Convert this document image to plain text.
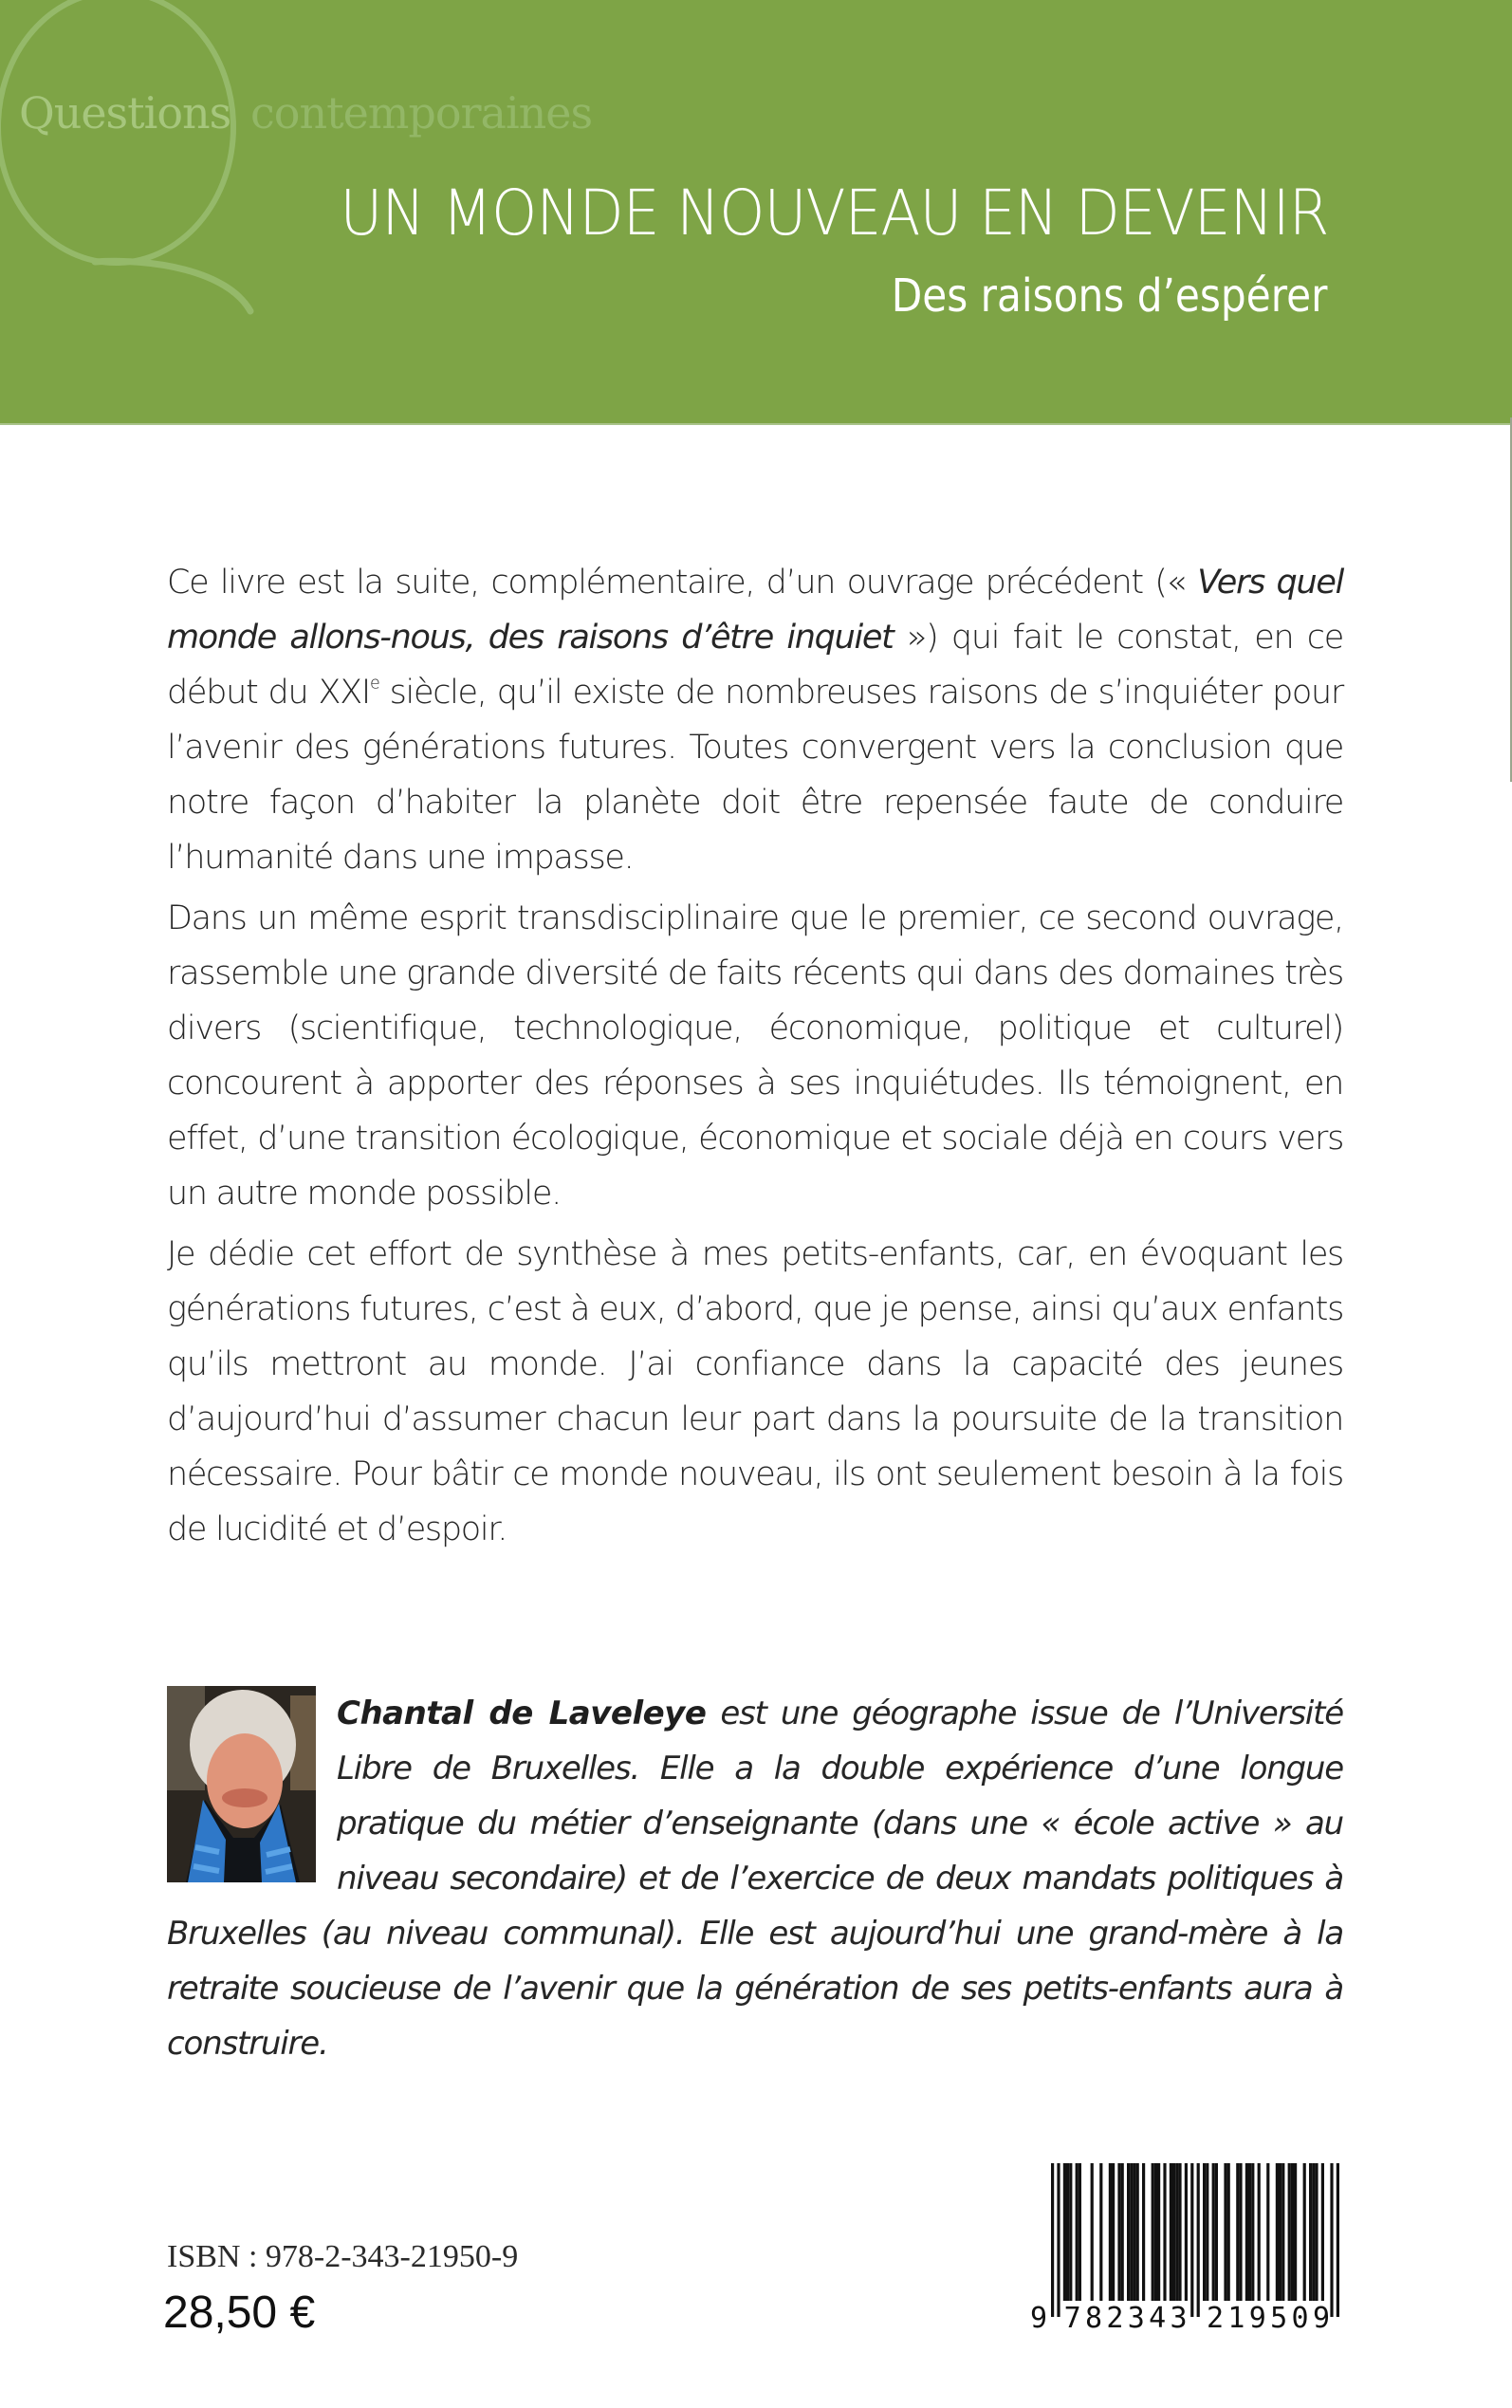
Questions contemporaines
UN MONDE NOUVEAU EN DEVENIR
Des raisons d’espérer

Ce livre est la suite, complémentaire, d’un ouvrage précédent (« Vers quel monde allons-nous, des raisons d’être inquiet ») qui fait le constat, en ce début du XXIe siècle, qu’il existe de nombreuses raisons de s’inquiéter pour l’avenir des générations futures. Toutes convergent vers la conclusion que notre façon d’habiter la planète doit être repensée faute de conduire l’humanité dans une impasse.

Dans un même esprit transdisciplinaire que le premier, ce second ouvrage, rassemble une grande diversité de faits récents qui dans des domaines très divers (scientifique, technologique, économique, politique et culturel) concourent à apporter des réponses à ses inquiétudes. Ils témoignent, en effet, d’une transition écologique, économique et sociale déjà en cours vers un autre monde possible.

Je dédie cet effort de synthèse à mes petits-enfants, car, en évoquant les générations futures, c’est à eux, d’abord, que je pense, ainsi qu’aux enfants qu’ils mettront au monde. J’ai confiance dans la capacité des jeunes d’aujourd’hui d’assumer chacun leur part dans la poursuite de la transition nécessaire. Pour bâtir ce monde nouveau, ils ont seulement besoin à la fois de lucidité et d’espoir.

Chantal de Laveleye est une géographe issue de l’Université Libre de Bruxelles. Elle a la double expérience d’une longue pratique du métier d’enseignante (dans une « école active » au niveau secondaire) et de l’exercice de deux mandats politiques à Bruxelles (au niveau communal). Elle est aujourd’hui une grand-mère à la retraite soucieuse de l’avenir que la génération de ses petits-enfants aura à construire.
ISBN : 978-2-343-21950-9
28,50 €	9 782343 219509
